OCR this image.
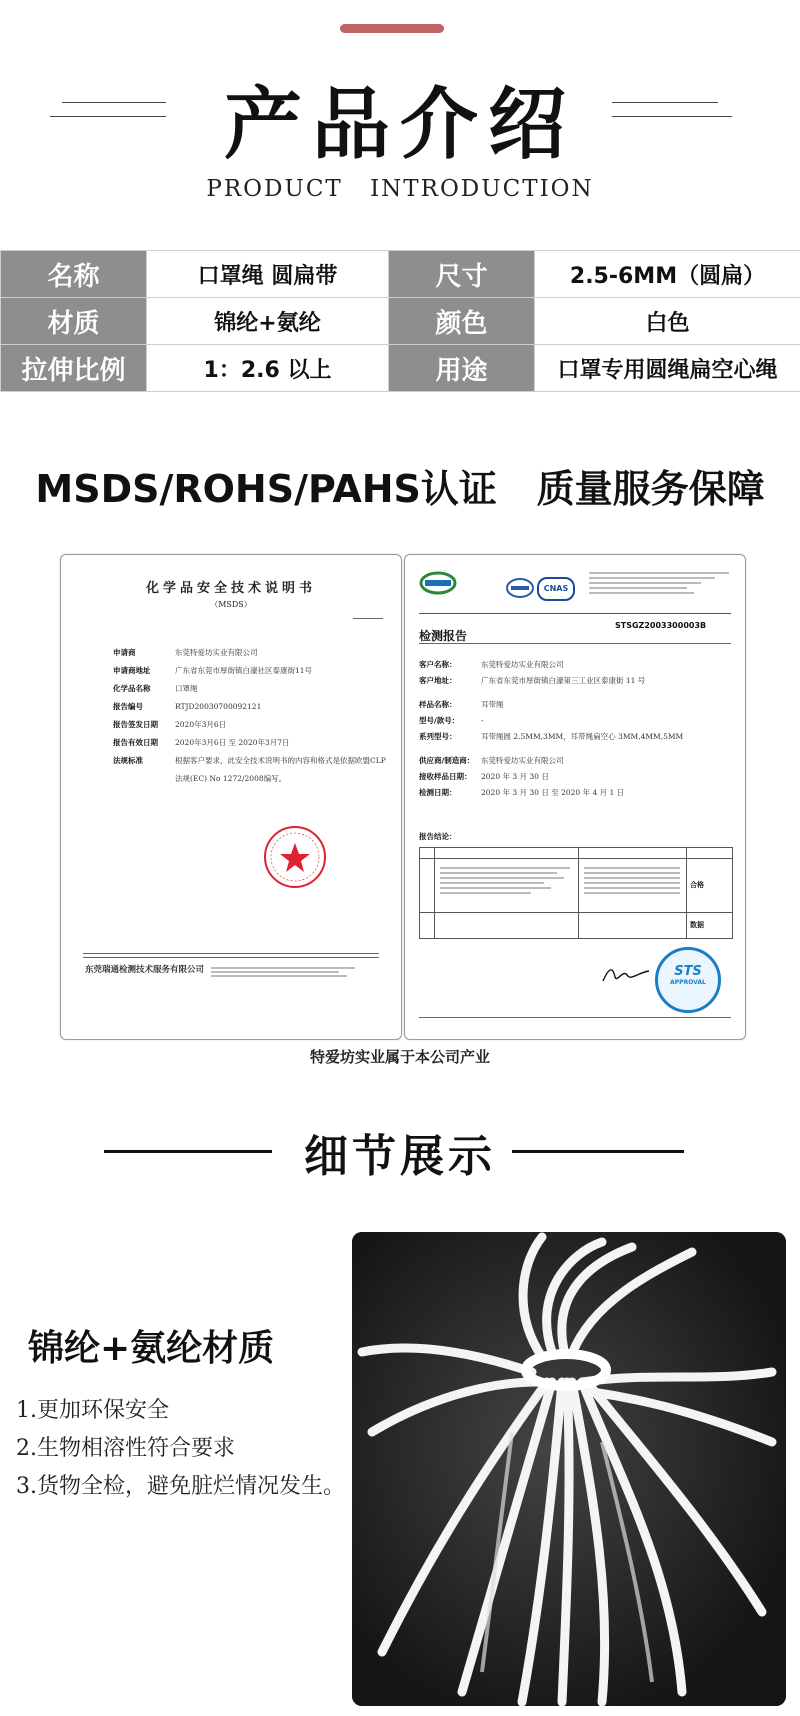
产品介绍
PRODUCT INTRODUCTION
名称	口罩绳 圆扁带	尺寸	2.5-6MM（圆扁）
材质	锦纶+氨纶	颜色	白色
拉伸比例	1：2.6 以上	用途	口罩专用圆绳扁空心绳
MSDS/ROHS/PAHS认证   质量服务保障
化学品安全技术说明书
（MSDS）
申请商	东莞特爱坊实业有限公司
申请商地址	广东省东莞市厚街镇白濠社区泰康街11号
化学品名称	口罩绳
报告编号	RTJD20030700092121
报告签发日期 2020年3月6日
报告有效日期 2020年3月6日 至 2020年3月7日
法规标准	根据客户要求，此安全技术说明书的内容和格式是依据欧盟CLP
法规(EC) No 1272/2008编写。
东莞瑞通检测技术服务有限公司
CNAS
检测报告
STSGZ2003300003B
客户名称：	东莞特爱坊实业有限公司
客户地址：	广东省东莞市厚街镇白濠第三工业区泰康街 11 号
样品名称：	耳带绳
型号/款号：	-
系列型号：	耳带绳圆 2.5MM,3MM，耳带绳扁空心 3MM,4MM,5MM
供应商/制造商： 东莞特爱坊实业有限公司
接收样品日期： 2020 年 3 月 30 日
检测日期：	2020 年 3 月 30 日 至 2020 年 4 月 1 日
报告结论：
合格
数据
STS
APPROVAL
特爱坊实业属于本公司产业
细节展示
锦纶+氨纶材质
1.更加环保安全
2.生物相溶性符合要求
3.货物全检，避免脏烂情况发生。
